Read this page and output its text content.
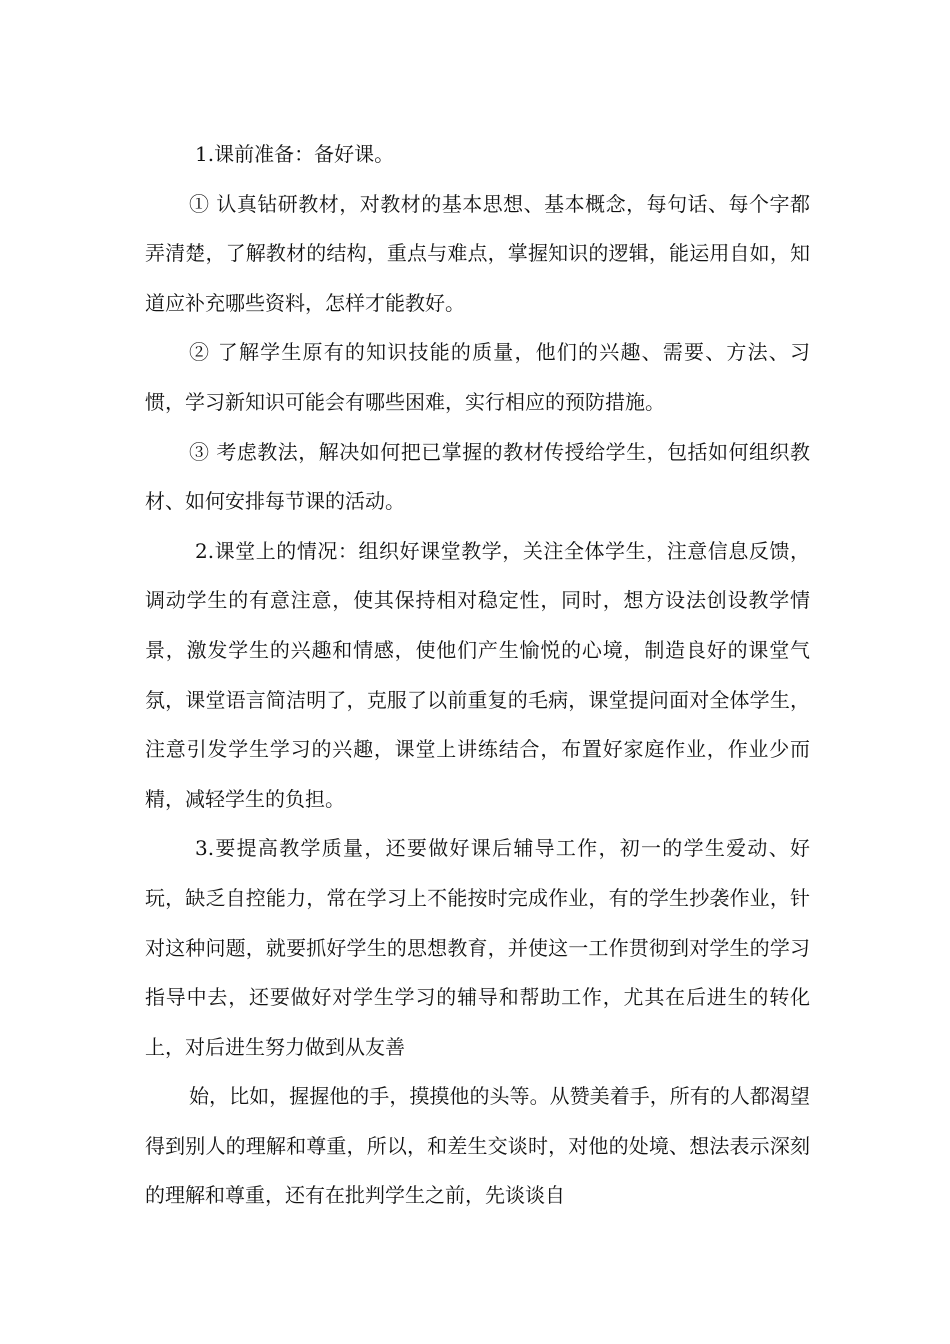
1.课前准备：备好课。

① 认真钻研教材，对教材的基本思想、基本概念，每句话、每个字都弄清楚，了解教材的结构，重点与难点，掌握知识的逻辑，能运用自如，知道应补充哪些资料，怎样才能教好。

② 了解学生原有的知识技能的质量，他们的兴趣、需要、方法、习惯，学习新知识可能会有哪些困难，实行相应的预防措施。

③ 考虑教法，解决如何把已掌握的教材传授给学生，包括如何组织教材、如何安排每节课的活动。

2.课堂上的情况：组织好课堂教学，关注全体学生，注意信息反馈，调动学生的有意注意，使其保持相对稳定性，同时，想方设法创设教学情景，激发学生的兴趣和情感，使他们产生愉悦的心境，制造良好的课堂气氛，课堂语言简洁明了，克服了以前重复的毛病，课堂提问面对全体学生，注意引发学生学习的兴趣，课堂上讲练结合，布置好家庭作业，作业少而精，减轻学生的负担。

3.要提高教学质量，还要做好课后辅导工作，初一的学生爱动、好玩，缺乏自控能力，常在学习上不能按时完成作业，有的学生抄袭作业，针对这种问题，就要抓好学生的思想教育，并使这一工作贯彻到对学生的学习指导中去，还要做好对学生学习的辅导和帮助工作，尤其在后进生的转化上，对后进生努力做到从友善

始，比如，握握他的手，摸摸他的头等。从赞美着手，所有的人都渴望得到别人的理解和尊重，所以，和差生交谈时，对他的处境、想法表示深刻的理解和尊重，还有在批判学生之前，先谈谈自
